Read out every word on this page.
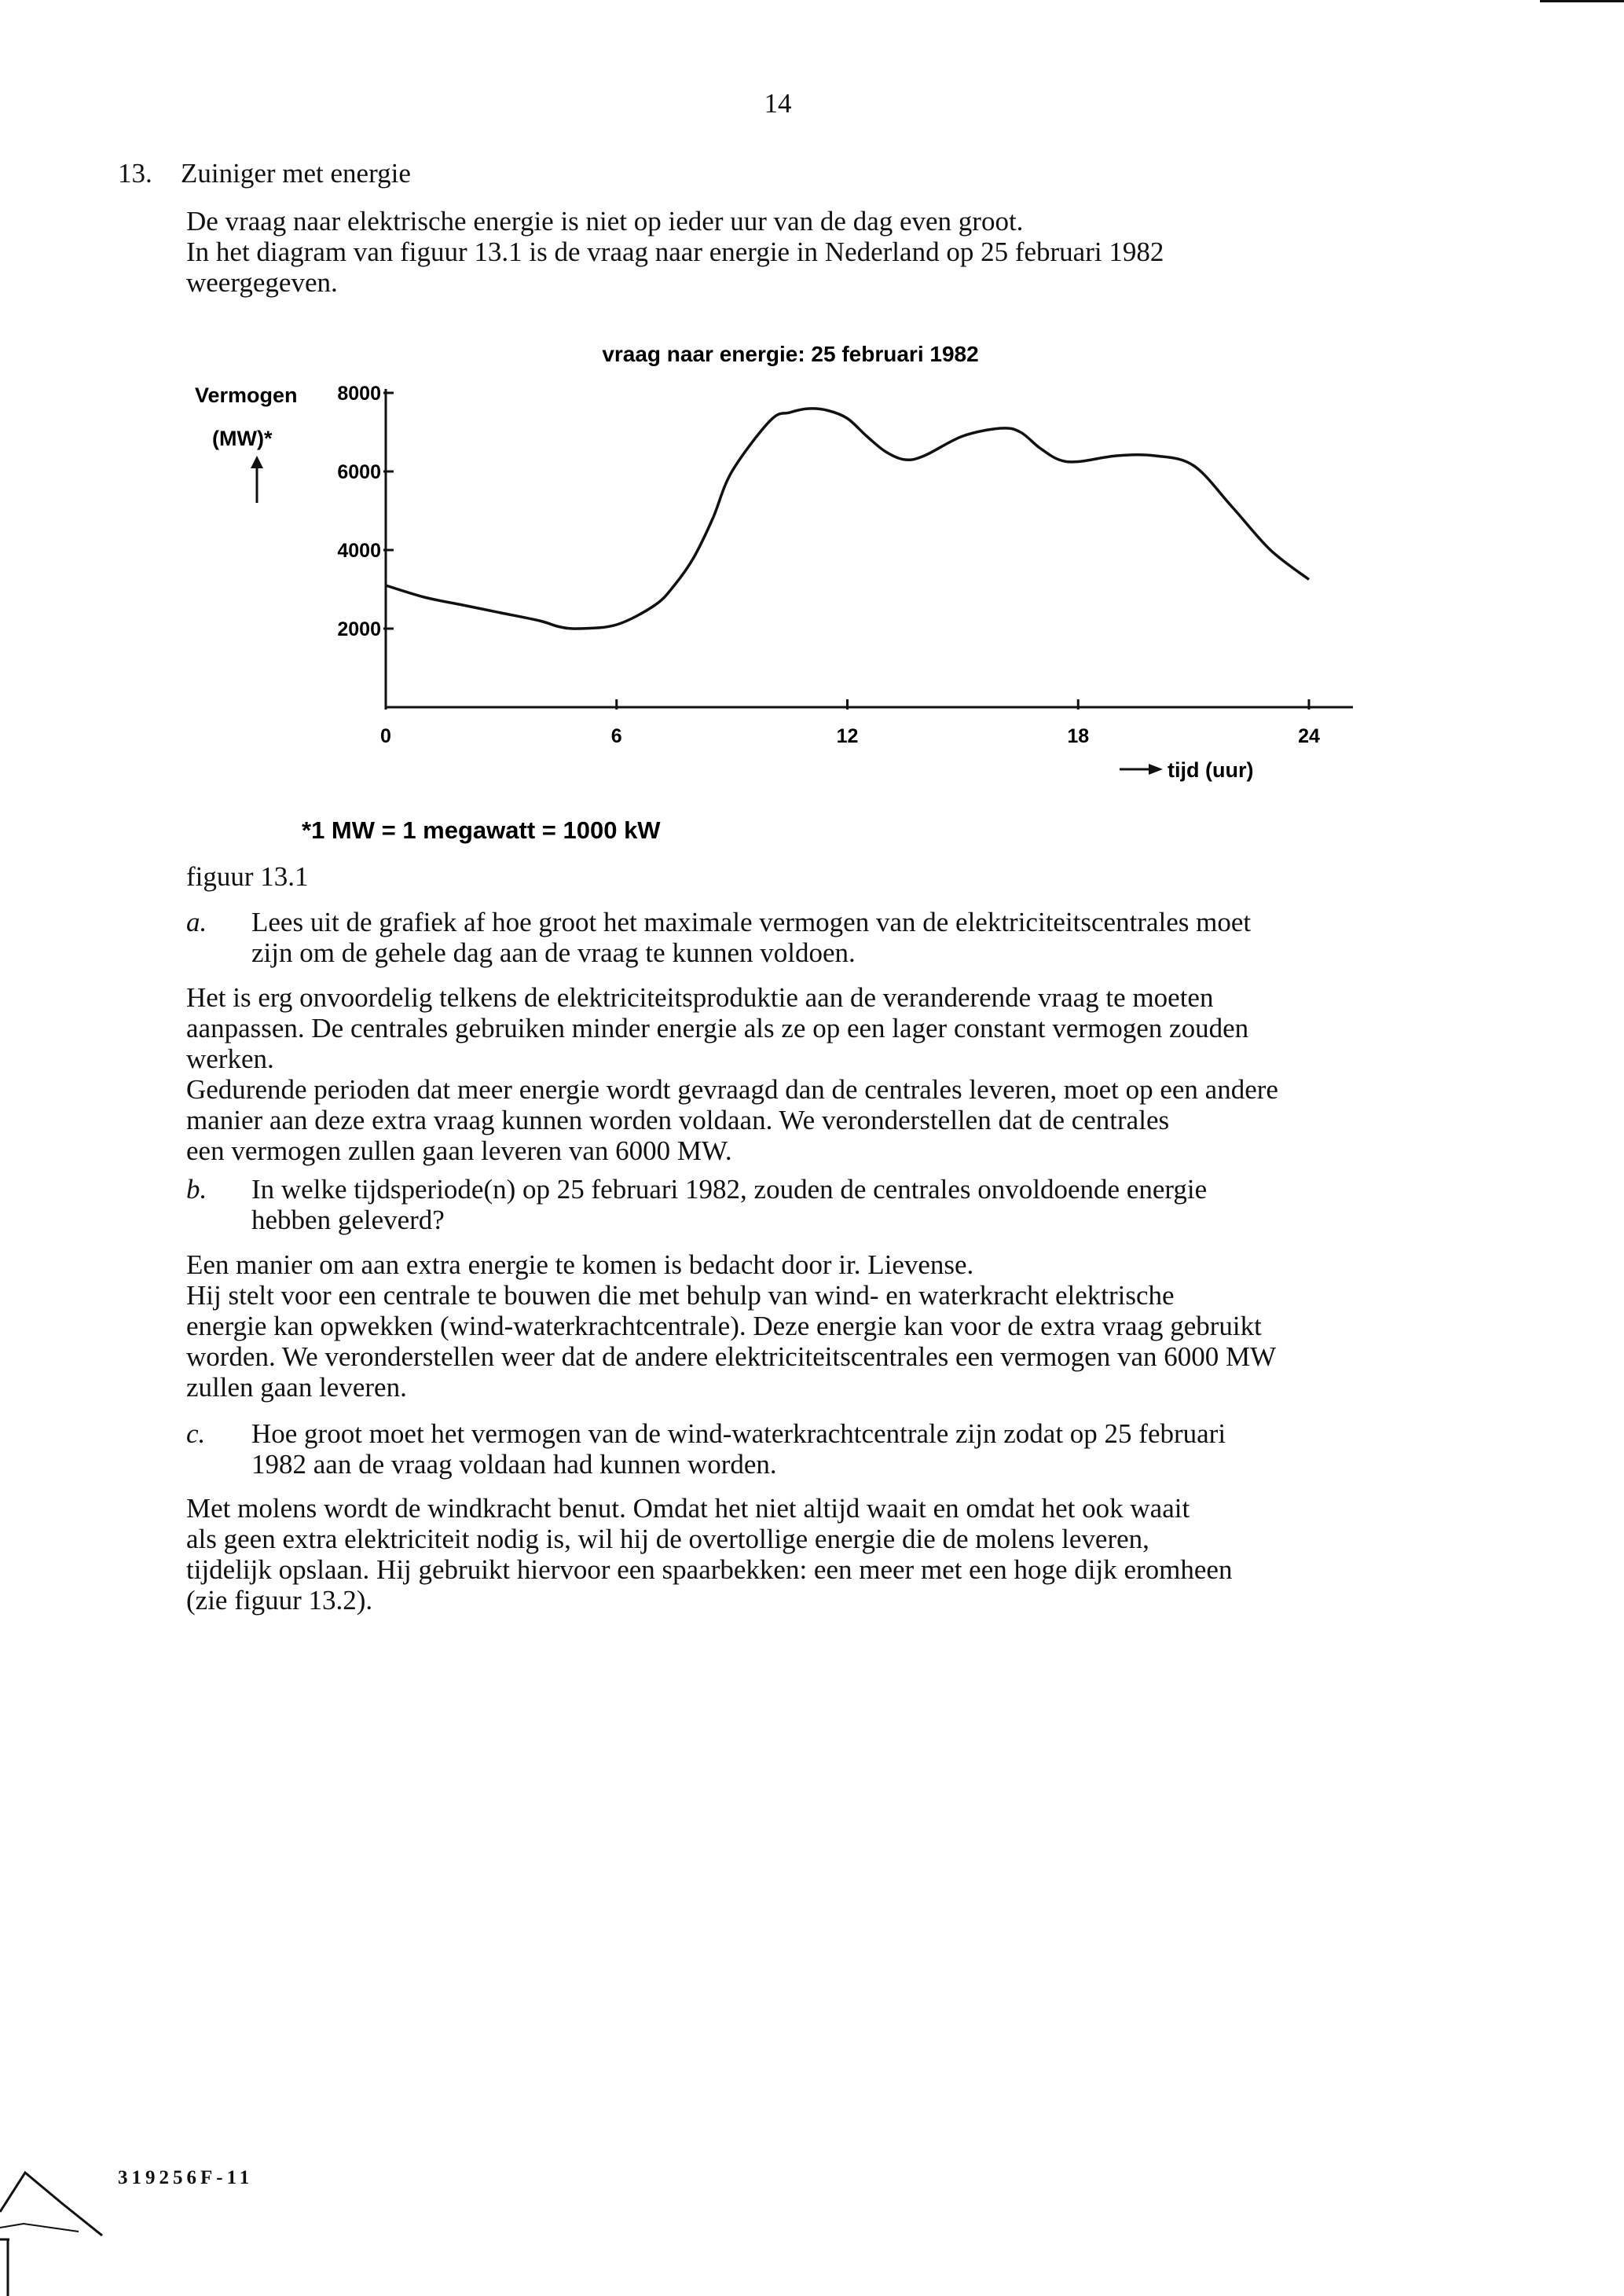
14
13. Zuiniger met energie
De vraag naar elektrische energie is niet op ieder uur van de dag even groot.
In het diagram van figuur 13.1 is de vraag naar energie in Nederland op 25 februari 1982
weergegeven.
vraag naar energie: 25 februari 1982
Vermogen
(MW)*
2000
4000
6000
8000
0	6	12	18	24
tijd (uur)
*1 MW = 1 megawatt = 1000 kW
figuur 13.1
a. Lees uit de grafiek af hoe groot het maximale vermogen van de elektriciteitscentrales moet
zijn om de gehele dag aan de vraag te kunnen voldoen.
Het is erg onvoordelig telkens de elektriciteitsproduktie aan de veranderende vraag te moeten
aanpassen. De centrales gebruiken minder energie als ze op een lager constant vermogen zouden
werken.
Gedurende perioden dat meer energie wordt gevraagd dan de centrales leveren, moet op een andere
manier aan deze extra vraag kunnen worden voldaan. We veronderstellen dat de centrales
een vermogen zullen gaan leveren van 6000 MW.
b. In welke tijdsperiode(n) op 25 februari 1982, zouden de centrales onvoldoende energie
hebben geleverd?
Een manier om aan extra energie te komen is bedacht door ir. Lievense.
Hij stelt voor een centrale te bouwen die met behulp van wind- en waterkracht elektrische
energie kan opwekken (wind-waterkrachtcentrale). Deze energie kan voor de extra vraag gebruikt
worden. We veronderstellen weer dat de andere elektriciteitscentrales een vermogen van 6000 MW
zullen gaan leveren.
c. Hoe groot moet het vermogen van de wind-waterkrachtcentrale zijn zodat op 25 februari
1982 aan de vraag voldaan had kunnen worden.
Met molens wordt de windkracht benut. Omdat het niet altijd waait en omdat het ook waait
als geen extra elektriciteit nodig is, wil hij de overtollige energie die de molens leveren,
tijdelijk opslaan. Hij gebruikt hiervoor een spaarbekken: een meer met een hoge dijk eromheen
(zie figuur 13.2).
319256F-11
